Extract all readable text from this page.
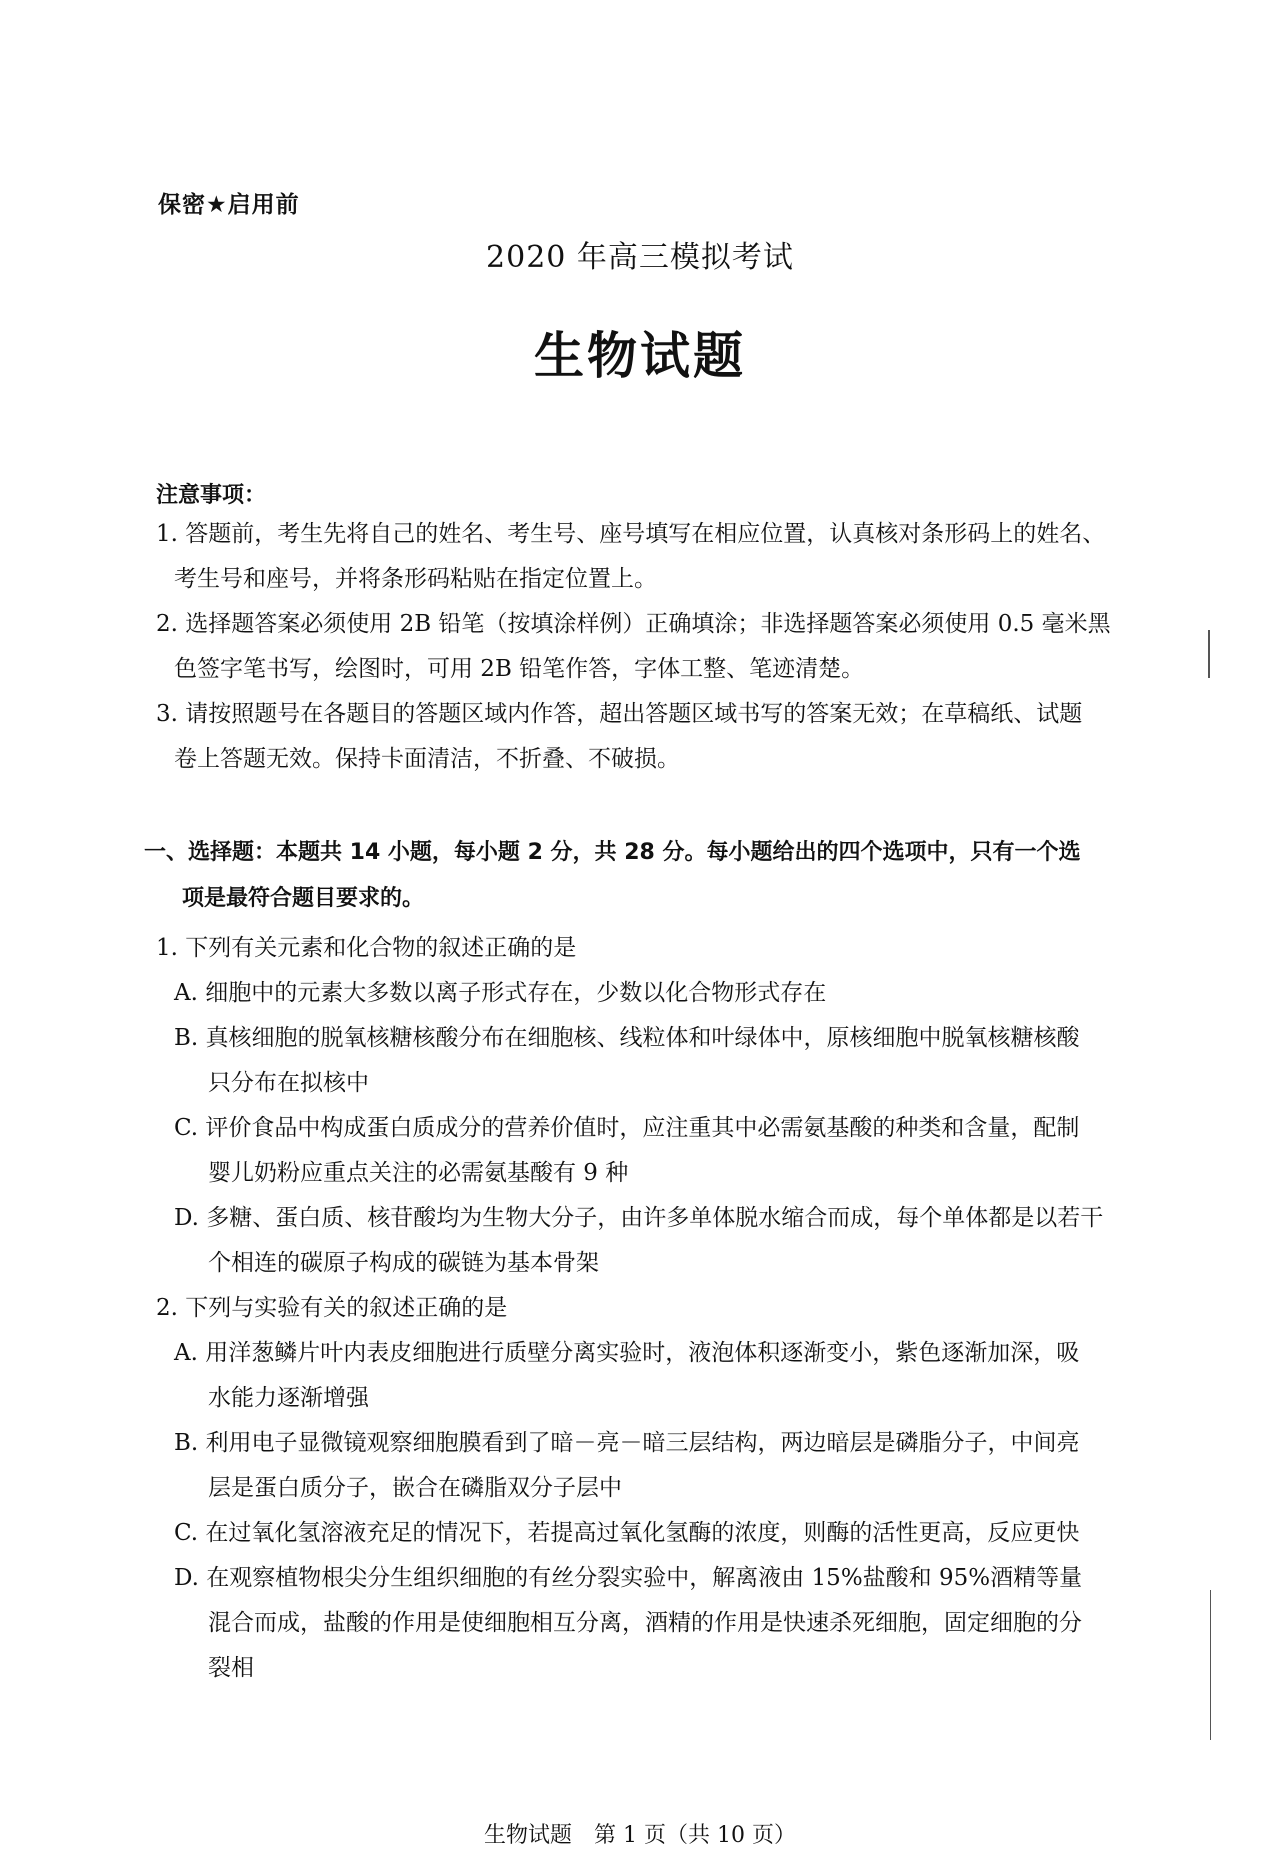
保密★启用前
2020 年高三模拟考试
生物试题
注意事项：
1. 答题前，考生先将自己的姓名、考生号、座号填写在相应位置，认真核对条形码上的姓名、
考生号和座号，并将条形码粘贴在指定位置上。
2. 选择题答案必须使用 2B 铅笔（按填涂样例）正确填涂；非选择题答案必须使用 0.5 毫米黑
色签字笔书写，绘图时，可用 2B 铅笔作答，字体工整、笔迹清楚。
3. 请按照题号在各题目的答题区域内作答，超出答题区域书写的答案无效；在草稿纸、试题
卷上答题无效。保持卡面清洁，不折叠、不破损。
一、选择题：本题共 14 小题，每小题 2 分，共 28 分。每小题给出的四个选项中，只有一个选
项是最符合题目要求的。
1. 下列有关元素和化合物的叙述正确的是
A. 细胞中的元素大多数以离子形式存在，少数以化合物形式存在
B. 真核细胞的脱氧核糖核酸分布在细胞核、线粒体和叶绿体中，原核细胞中脱氧核糖核酸
只分布在拟核中
C. 评价食品中构成蛋白质成分的营养价值时，应注重其中必需氨基酸的种类和含量，配制
婴儿奶粉应重点关注的必需氨基酸有 9 种
D. 多糖、蛋白质、核苷酸均为生物大分子，由许多单体脱水缩合而成，每个单体都是以若干
个相连的碳原子构成的碳链为基本骨架
2. 下列与实验有关的叙述正确的是
A. 用洋葱鳞片叶内表皮细胞进行质壁分离实验时，液泡体积逐渐变小，紫色逐渐加深，吸
水能力逐渐增强
B. 利用电子显微镜观察细胞膜看到了暗－亮－暗三层结构，两边暗层是磷脂分子，中间亮
层是蛋白质分子，嵌合在磷脂双分子层中
C. 在过氧化氢溶液充足的情况下，若提高过氧化氢酶的浓度，则酶的活性更高，反应更快
D. 在观察植物根尖分生组织细胞的有丝分裂实验中，解离液由 15%盐酸和 95%酒精等量
混合而成，盐酸的作用是使细胞相互分离，酒精的作用是快速杀死细胞，固定细胞的分
裂相
生物试题　第 1 页（共 10 页）
